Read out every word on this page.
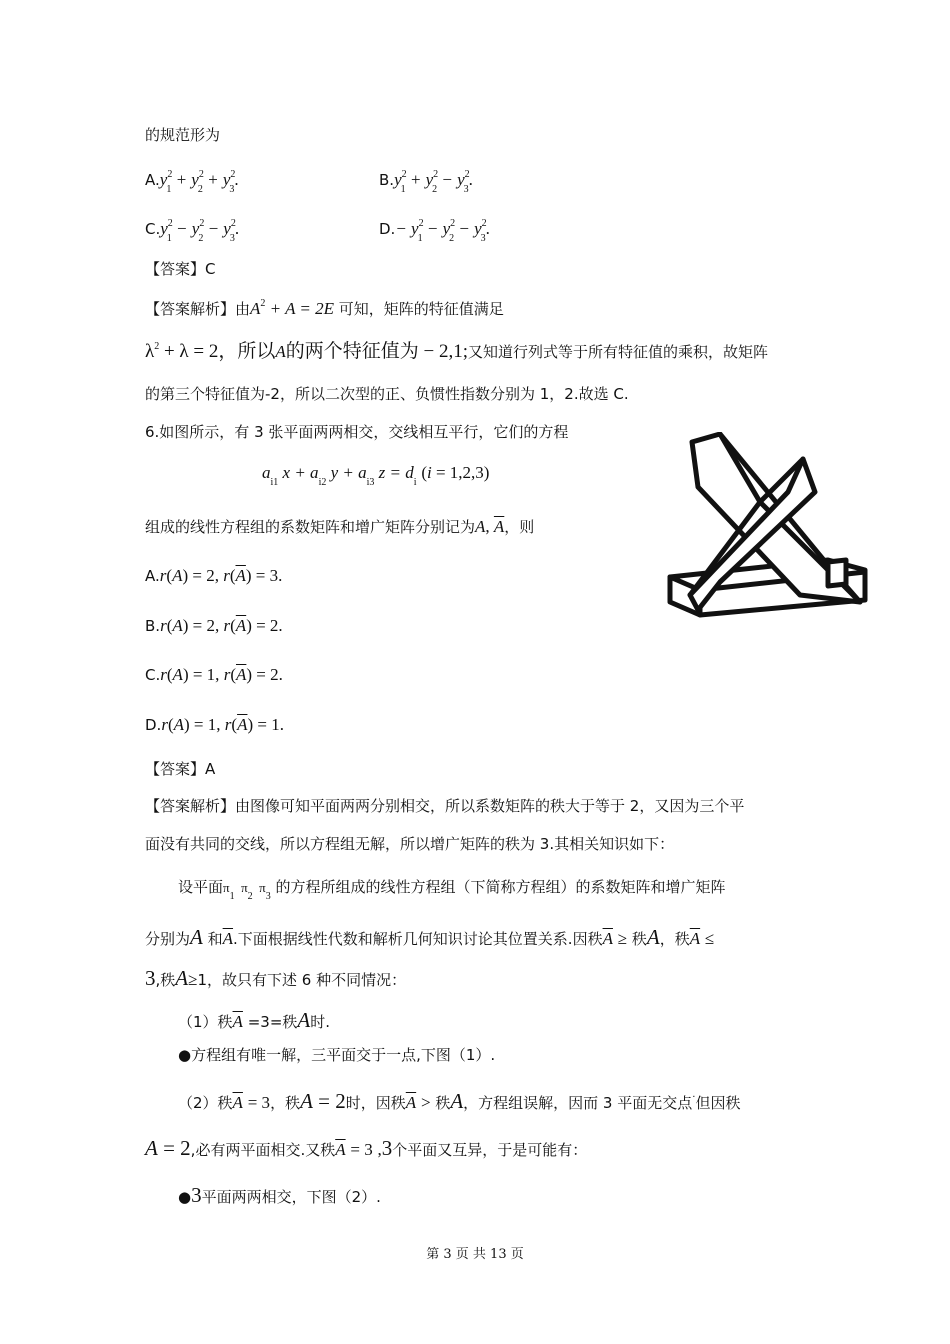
的规范形为
$A.y^2_1 + y^2_2 + y^2_3$.	$B.y^2_1 + y^2_2 - y^2_3$.
$C.y^2_1 - y^2_2 - y^2_3$.	$D.- y^2_1 - y^2_2 - y^2_3$.
【答案】C
【答案解析】由$A^2 + A = 2E$ 可知，矩阵的特征值满足
$\lambda^2 + \lambda = 2$，所以A的两个特征值为 − 2,1;又知道行列式等于所有特征值的乘积，故矩阵
的第三个特征值为-2，所以二次型的正、负惯性指数分别为 1，2.故选 C.
6.如图所示，有 3 张平面两两相交，交线相互平行，它们的方程
$a_{i1}$ $x + a_{i2}$ $y + a_{i3}$ $z = d_i$ (i = 1,2,3)
组成的线性方程组的系数矩阵和增广矩阵分别记为A, $\overline{A}$，则
A.r(A) = 2, $r(\overline{A}) = 3$.
B.r(A) = 2, $r(\overline{A}) = 2$.
C.r(A) = 1, $r(\overline{A}) = 2$.
D.r(A) = 1, $r(\overline{A}) = 1$.
【答案】A
【答案解析】由图像可知平面两两分别相交，所以系数矩阵的秩大于等于 2，又因为三个平
面没有共同的交线，所以方程组无解，所以增广矩阵的秩为 3.其相关知识如下：
设平面$\pi_1$  $\pi_2$  $\pi_3$ 的方程所组成的线性方程组（下简称方程组）的系数矩阵和增广矩阵
分别为A 和$\overline{A}$.下面根据线性代数和解析几何知识讨论其位置关系.因秩$\overline{A}$ ≥ 秩A，秩$\overline{A}$ ≤
3,秩A≥1，故只有下述 6 种不同情况：
（1）秩$\overline{A} =3=$秩A时.
●方程组有唯一解，三平面交于一点,下图（1）.
（2）秩$\overline{A} = 3$，秩A = 2时，因秩$\overline{A}$ > 秩A，方程组误解，因而 3 平面无交点·但因秩
A = 2,必有两平面相交.又秩$\overline{A} = 3$ ,3个平面又互异，于是可能有：
●3平面两两相交，下图（2）.
第 3 页 共 13 页
